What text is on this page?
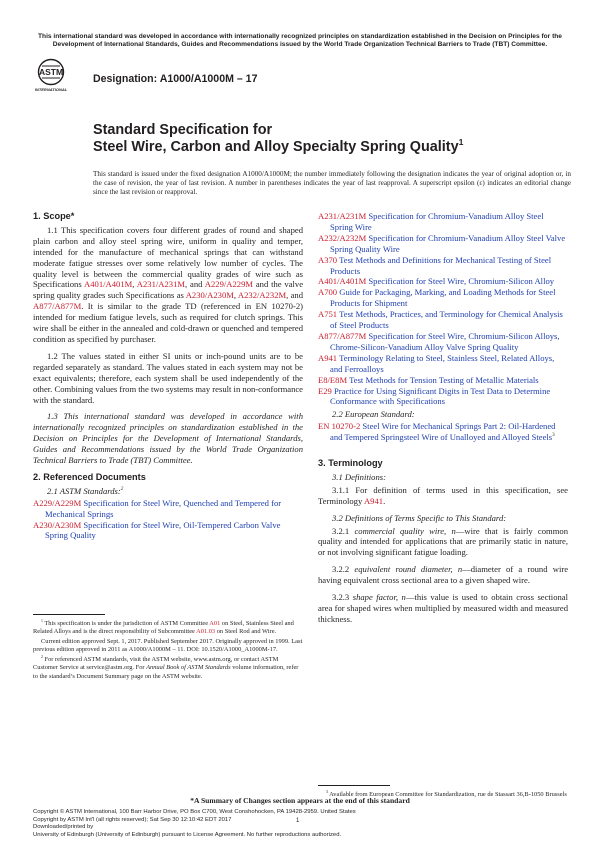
This international standard was developed in accordance with internationally recognized principles on standardization established in the Decision on Principles for the Development of International Standards, Guides and Recommendations issued by the World Trade Organization Technical Barriers to Trade (TBT) Committee.
ASTM
INTERNATIONAL
Designation: A1000/A1000M – 17
Standard Specification for
Steel Wire, Carbon and Alloy Specialty Spring Quality$^1$
This standard is issued under the fixed designation A1000/A1000M; the number immediately following the designation indicates the year of original adoption or, in the case of revision, the year of last revision. A number in parentheses indicates the year of last reapproval. A superscript epsilon (ε) indicates an editorial change since the last revision or reapproval.
1. Scope*
1.1 This specification covers four different grades of round and shaped plain carbon and alloy steel spring wire, uniform in quality and temper, intended for the manufacture of mechanical springs that can withstand moderate fatigue stresses over some relatively low number of cycles. The quality level is between the commercial quality grades of wire such as Specifications A401/A401M, A231/A231M, and A229/A229M and the valve spring quality grades such Specifications as A230/A230M, A232/A232M, and A877/A877M. It is similar to the grade TD (referenced in EN 10270-2) intended for medium fatigue levels, such as required for clutch springs. This wire shall be either in the annealed and cold-drawn or quenched and tempered condition as specified by purchaser.
1.2 The values stated in either SI units or inch-pound units are to be regarded separately as standard. The values stated in each system may not be exact equivalents; therefore, each system shall be used independently of the other. Combining values from the two systems may result in non-conformance with the standard.
1.3 This international standard was developed in accordance with internationally recognized principles on standardization established in the Decision on Principles for the Development of International Standards, Guides and Recommendations issued by the World Trade Organization Technical Barriers to Trade (TBT) Committee.
2. Referenced Documents
2.1 ASTM Standards:$^2$
A229/A229M Specification for Steel Wire, Quenched and Tempered for Mechanical Springs
A230/A230M Specification for Steel Wire, Oil-Tempered Carbon Valve Spring Quality
A231/A231M Specification for Chromium-Vanadium Alloy Steel Spring Wire
A232/A232M Specification for Chromium-Vanadium Alloy Steel Valve Spring Quality Wire
A370 Test Methods and Definitions for Mechanical Testing of Steel Products
A401/A401M Specification for Steel Wire, Chromium-Silicon Alloy
A700 Guide for Packaging, Marking, and Loading Methods for Steel Products for Shipment
A751 Test Methods, Practices, and Terminology for Chemical Analysis of Steel Products
A877/A877M Specification for Steel Wire, Chromium-Silicon Alloys, Chrome-Silicon-Vanadium Alloy Valve Spring Quality
A941 Terminology Relating to Steel, Stainless Steel, Related Alloys, and Ferroalloys
E8/E8M Test Methods for Tension Testing of Metallic Materials
E29 Practice for Using Significant Digits in Test Data to Determine Conformance with Specifications
2.2 European Standard:
EN 10270-2 Steel Wire for Mechanical Springs Part 2: Oil-Hardened and Tempered Springsteel Wire of Unalloyed and Alloyed Steels$^3$
3. Terminology
3.1 Definitions:
3.1.1 For definition of terms used in this specification, see Terminology A941.
3.2 Definitions of Terms Specific to This Standard:
3.2.1 commercial quality wire, n—wire that is fairly common quality and intended for applications that are primarily static in nature, or not involving significant fatigue loading.
3.2.2 equivalent round diameter, n—diameter of a round wire having equivalent cross sectional area to a given shaped wire.
3.2.3 shape factor, n—this value is used to obtain cross sectional area for shaped wires when multiplied by measured width and measured thickness.
$^1$ This specification is under the jurisdiction of ASTM Committee A01 on Steel, Stainless Steel and Related Alloys and is the direct responsibility of Subcommittee A01.03 on Steel Rod and Wire.
Current edition approved Sept. 1, 2017. Published September 2017. Originally approved in 1999. Last previous edition approved in 2011 as A1000/A1000M – 11. DOI: 10.1520/A1000_A1000M-17.
$^2$ For referenced ASTM standards, visit the ASTM website, www.astm.org, or contact ASTM Customer Service at service@astm.org. For Annual Book of ASTM Standards volume information, refer to the standard’s Document Summary page on the ASTM website.
$^3$ Available from European Committee for Standardization, rue de Stassart 36,B-1050 Brussels
*A Summary of Changes section appears at the end of this standard
Copyright © ASTM International, 100 Barr Harbor Drive, PO Box C700, West Conshohocken, PA 19428-2959. United States
Copyright by ASTM Int'l (all rights reserved); Sat Sep 30 12:10:42 EDT 2017
Downloaded/printed by
University of Edinburgh (University of Edinburgh) pursuant to License Agreement. No further reproductions authorized.
1
